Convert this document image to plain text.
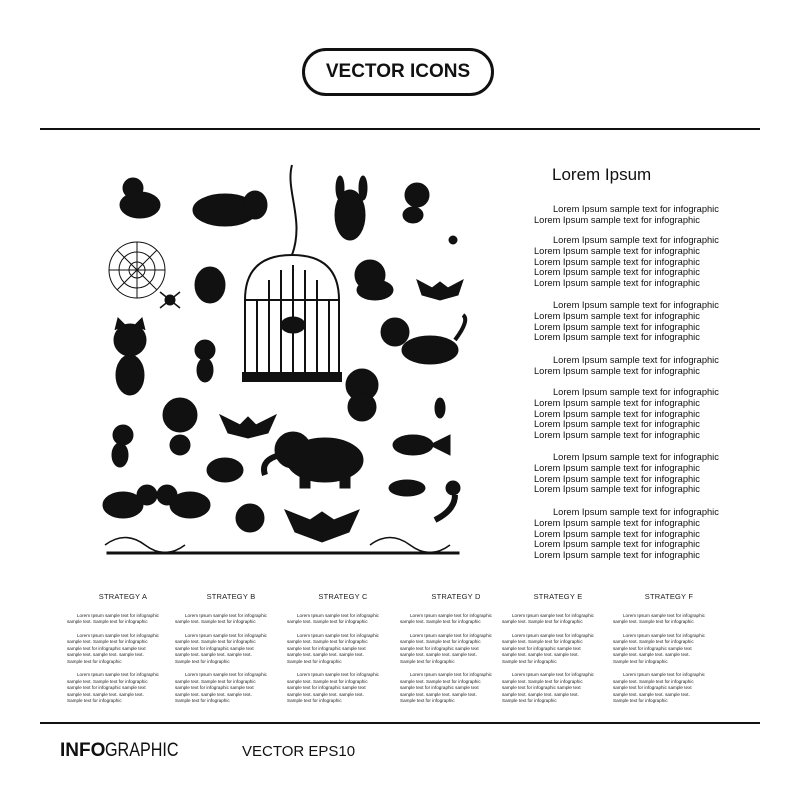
VECTOR ICONS
Lorem Ipsum
Lorem Ipsum sample text for infographic
Lorem Ipsum sample text for infographic
Lorem Ipsum sample text for infographic
Lorem Ipsum sample text for infographic
Lorem Ipsum sample text for infographic
Lorem Ipsum sample text for infographic
Lorem Ipsum sample text for infographic
Lorem Ipsum sample text for infographic
Lorem Ipsum sample text for infographic
Lorem Ipsum sample text for infographic
Lorem Ipsum sample text for infographic
Lorem Ipsum sample text for infographic
Lorem Ipsum sample text for infographic
Lorem Ipsum sample text for infographic
Lorem Ipsum sample text for infographic
Lorem Ipsum sample text for infographic
Lorem Ipsum sample text for infographic
Lorem Ipsum sample text for infographic
Lorem Ipsum sample text for infographic
Lorem Ipsum sample text for infographic
Lorem Ipsum sample text for infographic
Lorem Ipsum sample text for infographic
Lorem Ipsum sample text for infographic
Lorem Ipsum sample text for infographic
Lorem Ipsum sample text for infographic
Lorem Ipsum sample text for infographic
Lorem Ipsum sample text for infographic
STRATEGY A

Lorem Ipsum sample text for infographic
sample text. Sample text for infographic

Lorem Ipsum sample text for infographic
sample text. Sample text for infographic
sample text for infographic sample text
sample text. sample text. sample text.
Sample text for infographic

Lorem Ipsum sample text for infographic
sample text. Sample text for infographic
sample text for infographic sample text
sample text. sample text. sample text.
Sample text for infographic

STRATEGY B

Lorem Ipsum sample text for infographic
sample text. Sample text for infographic

Lorem Ipsum sample text for infographic
sample text. Sample text for infographic
sample text for infographic sample text
sample text. sample text. sample text.
Sample text for infographic

Lorem Ipsum sample text for infographic
sample text. Sample text for infographic
sample text for infographic sample text
sample text. sample text. sample text.
Sample text for infographic

STRATEGY C

Lorem Ipsum sample text for infographic
sample text. Sample text for infographic

Lorem Ipsum sample text for infographic
sample text. Sample text for infographic
sample text for infographic sample text
sample text. sample text. sample text.
Sample text for infographic

Lorem Ipsum sample text for infographic
sample text. Sample text for infographic
sample text for infographic sample text
sample text. sample text. sample text.
Sample text for infographic

STRATEGY D

Lorem Ipsum sample text for infographic
sample text. Sample text for infographic

Lorem Ipsum sample text for infographic
sample text. Sample text for infographic
sample text for infographic sample text
sample text. sample text. sample text.
Sample text for infographic

Lorem Ipsum sample text for infographic
sample text. Sample text for infographic
sample text for infographic sample text
sample text. sample text. sample text.
Sample text for infographic

STRATEGY E

Lorem Ipsum sample text for infographic
sample text. Sample text for infographic

Lorem Ipsum sample text for infographic
sample text. Sample text for infographic
sample text for infographic sample text
sample text. sample text. sample text.
Sample text for infographic

Lorem Ipsum sample text for infographic
sample text. Sample text for infographic
sample text for infographic sample text
sample text. sample text. sample text.
Sample text for infographic

STRATEGY F

Lorem Ipsum sample text for infographic
sample text. Sample text for infographic

Lorem Ipsum sample text for infographic
sample text. Sample text for infographic
sample text for infographic sample text
sample text. sample text. sample text.
Sample text for infographic

Lorem Ipsum sample text for infographic
sample text. Sample text for infographic
sample text for infographic sample text
sample text. sample text. sample text.
Sample text for infographic

INFOGRAPHIC	VECTOR EPS10
